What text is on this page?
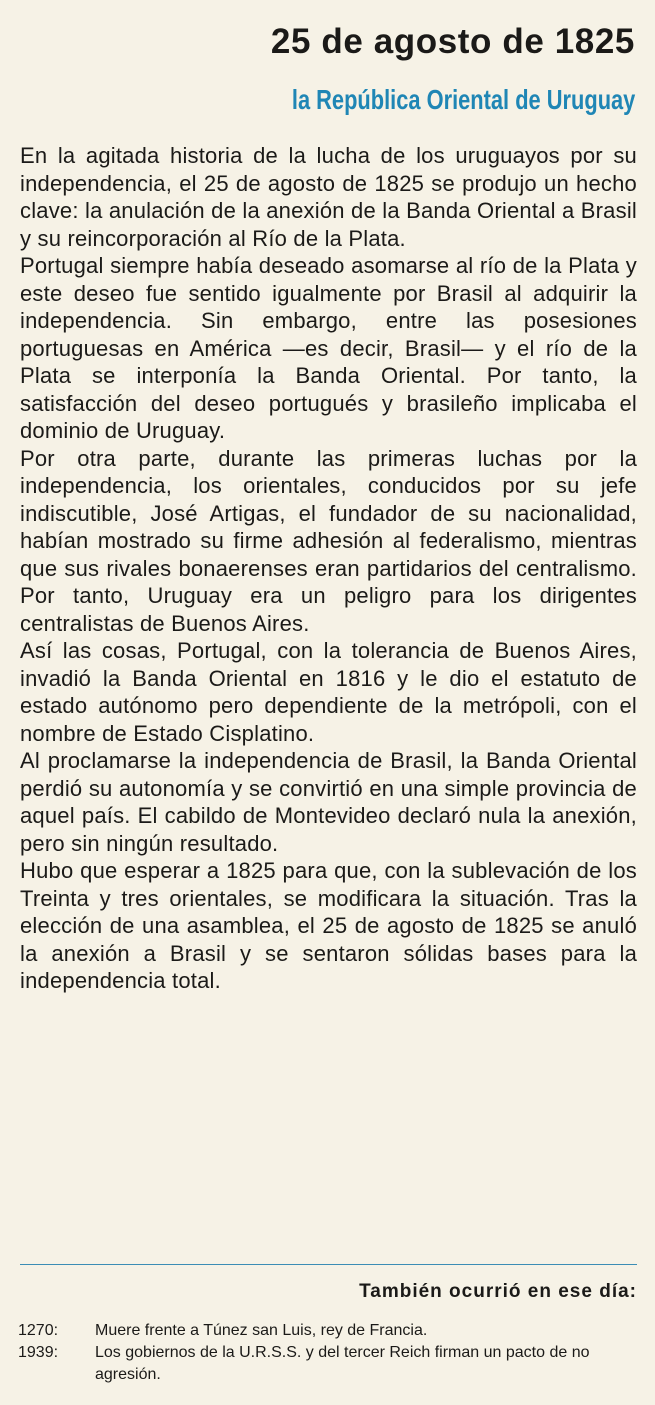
25 de agosto de 1825
la República Oriental de Uruguay

En la agitada historia de la lucha de los uruguayos por su independencia, el 25 de agosto de 1825 se produjo un hecho clave: la anulación de la anexión de la Banda Oriental a Brasil y su reincorporación al Río de la Plata.

Portugal siempre había deseado asomarse al río de la Plata y este deseo fue sentido igualmente por Brasil al adquirir la independencia. Sin embargo, entre las posesiones portuguesas en América —es decir, Brasil— y el río de la Plata se interponía la Banda Oriental. Por tanto, la satisfacción del deseo portugués y brasileño implicaba el dominio de Uruguay.

Por otra parte, durante las primeras luchas por la independencia, los orientales, conducidos por su jefe indiscutible, José Artigas, el fundador de su nacionalidad, habían mostrado su firme adhesión al federalismo, mientras que sus rivales bonaerenses eran partidarios del centralismo. Por tanto, Uruguay era un peligro para los dirigentes centralistas de Buenos Aires.

Así las cosas, Portugal, con la tolerancia de Buenos Aires, invadió la Banda Oriental en 1816 y le dio el estatuto de estado autónomo pero dependiente de la metrópoli, con el nombre de Estado Cisplatino.

Al proclamarse la independencia de Brasil, la Banda Oriental perdió su autonomía y se convirtió en una simple provincia de aquel país. El cabildo de Montevideo declaró nula la anexión, pero sin ningún resultado.

Hubo que esperar a 1825 para que, con la sublevación de los Treinta y tres orientales, se modificara la situación. Tras la elección de una asamblea, el 25 de agosto de 1825 se anuló la anexión a Brasil y se sentaron sólidas bases para la independencia total.

También ocurrió en ese día:
1270:	Muere frente a Túnez san Luis, rey de Francia.
1939:	Los gobiernos de la U.R.S.S. y del tercer Reich firman un pacto de no agresión.
